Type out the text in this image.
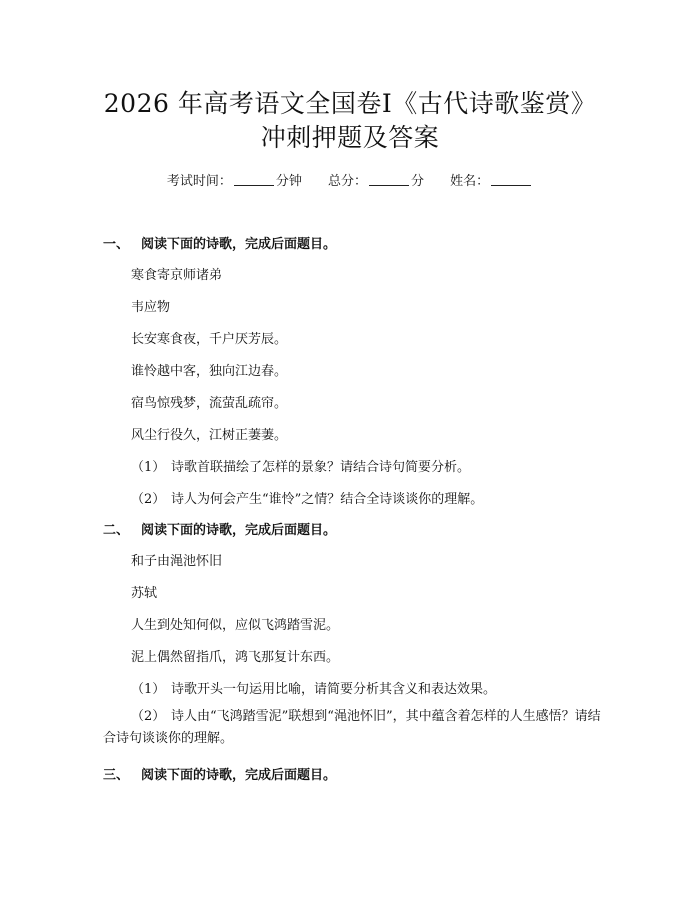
2026 年高考语文全国卷Ⅰ《古代诗歌鉴赏》
冲刺押题及答案
考试时间：	分钟 总分：	分 姓名：
一、 阅读下面的诗歌，完成后面题目。
寒食寄京师诸弟
韦应物
长安寒食夜，千户厌芳辰。
谁怜越中客，独向江边春。
宿鸟惊残梦，流萤乱疏帘。
风尘行役久，江树正萋萋。
（1） 诗歌首联描绘了怎样的景象？请结合诗句简要分析。
（2） 诗人为何会产生“谁怜”之情？结合全诗谈谈你的理解。
二、 阅读下面的诗歌，完成后面题目。
和子由渑池怀旧
苏轼
人生到处知何似，应似飞鸿踏雪泥。
泥上偶然留指爪，鸿飞那复计东西。
（1） 诗歌开头一句运用比喻，请简要分析其含义和表达效果。
（2） 诗人由“飞鸿踏雪泥”联想到“渑池怀旧”，其中蕴含着怎样的人生感悟？请结合诗句谈谈你的理解。
三、 阅读下面的诗歌，完成后面题目。
